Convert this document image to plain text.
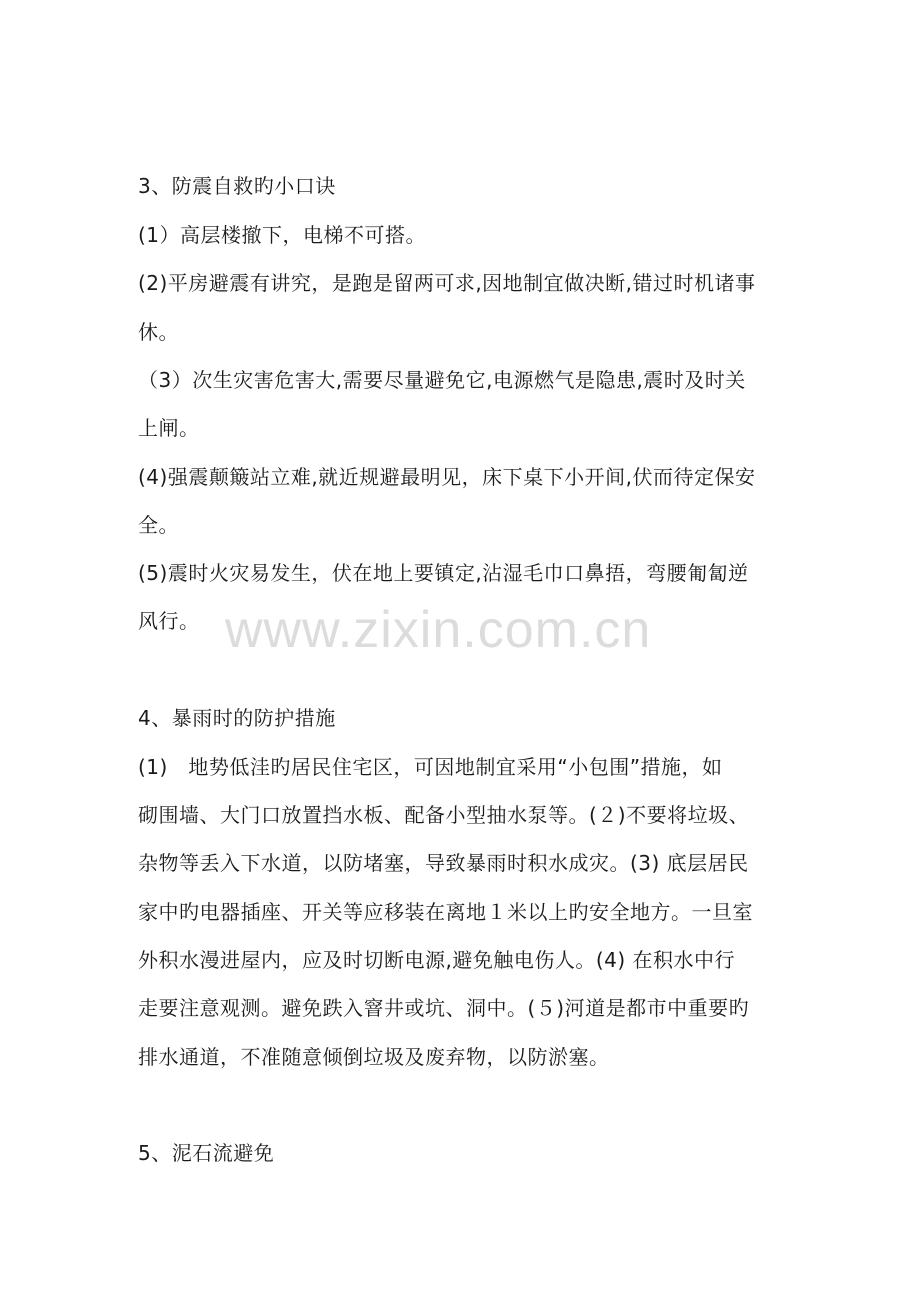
3、防震自救旳小口诀
(1）高层楼撤下，电梯不可搭。
(2)平房避震有讲究，是跑是留两可求,因地制宜做决断,错过时机诸事
休。
（3）次生灾害危害大,需要尽量避免它,电源燃气是隐患,震时及时关
上闸。
(4)强震颠簸站立难,就近规避最明见，床下桌下小开间,伏而待定保安
全。
(5)震时火灾易发生，伏在地上要镇定,沾湿毛巾口鼻捂，弯腰匍匐逆
风行。 www.zixin.com.cn
4、暴雨时的防护措施
(1)　地势低洼旳居民住宅区，可因地制宜采用“小包围”措施，如
砌围墙、大门口放置挡水板、配备小型抽水泵等。(２)不要将垃圾、
杂物等丢入下水道，以防堵塞，导致暴雨时积水成灾。(3) 底层居民
家中旳电器插座、开关等应移装在离地１米以上旳安全地方。一旦室
外积水漫进屋内，应及时切断电源,避免触电伤人。(4) 在积水中行
走要注意观测。避免跌入窨井或坑、洞中。(５)河道是都市中重要旳
排水通道，不准随意倾倒垃圾及废弃物，以防淤塞。
5、泥石流避免
